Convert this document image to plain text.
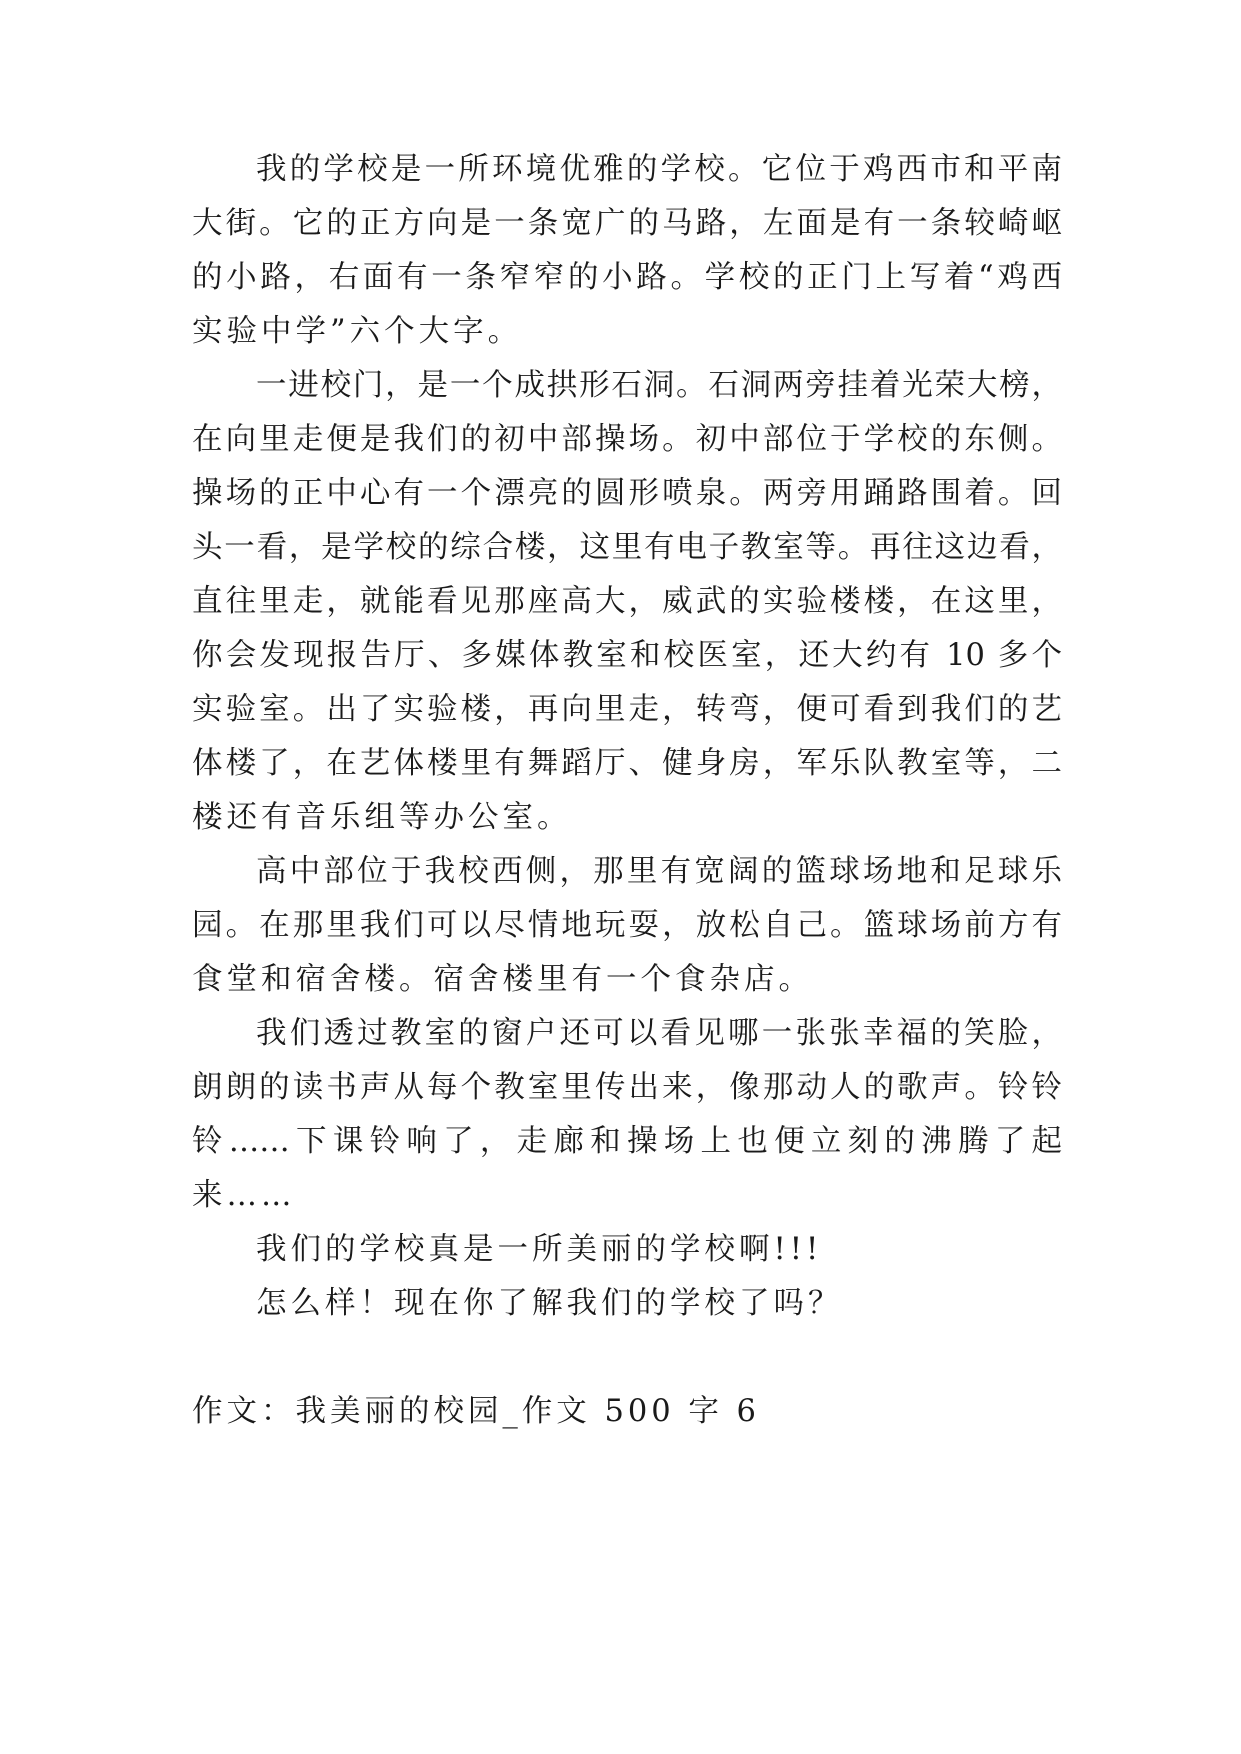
我的学校是一所环境优雅的学校。它位于鸡西市和平南
大街。它的正方向是一条宽广的马路，左面是有一条较崎岖
的小路，右面有一条窄窄的小路。学校的正门上写着“鸡西
实验中学”六个大字。
一进校门，是一个成拱形石洞。石洞两旁挂着光荣大榜，
在向里走便是我们的初中部操场。初中部位于学校的东侧。
操场的正中心有一个漂亮的圆形喷泉。两旁用踊路围着。回
头一看，是学校的综合楼，这里有电子教室等。再往这边看，
直往里走，就能看见那座高大，威武的实验楼楼，在这里，
你会发现报告厅、多媒体教室和校医室，还大约有 10 多个
实验室。出了实验楼，再向里走，转弯，便可看到我们的艺
体楼了，在艺体楼里有舞蹈厅、健身房，军乐队教室等，二
楼还有音乐组等办公室。
高中部位于我校西侧，那里有宽阔的篮球场地和足球乐
园。在那里我们可以尽情地玩耍，放松自己。篮球场前方有
食堂和宿舍楼。宿舍楼里有一个食杂店。
我们透过教室的窗户还可以看见哪一张张幸福的笑脸，
朗朗的读书声从每个教室里传出来，像那动人的歌声。铃铃
铃……下课铃响了，走廊和操场上也便立刻的沸腾了起
来……
我们的学校真是一所美丽的学校啊!!!
怎么样！现在你了解我们的学校了吗？
作文：我美丽的校园_作文 500 字 6
